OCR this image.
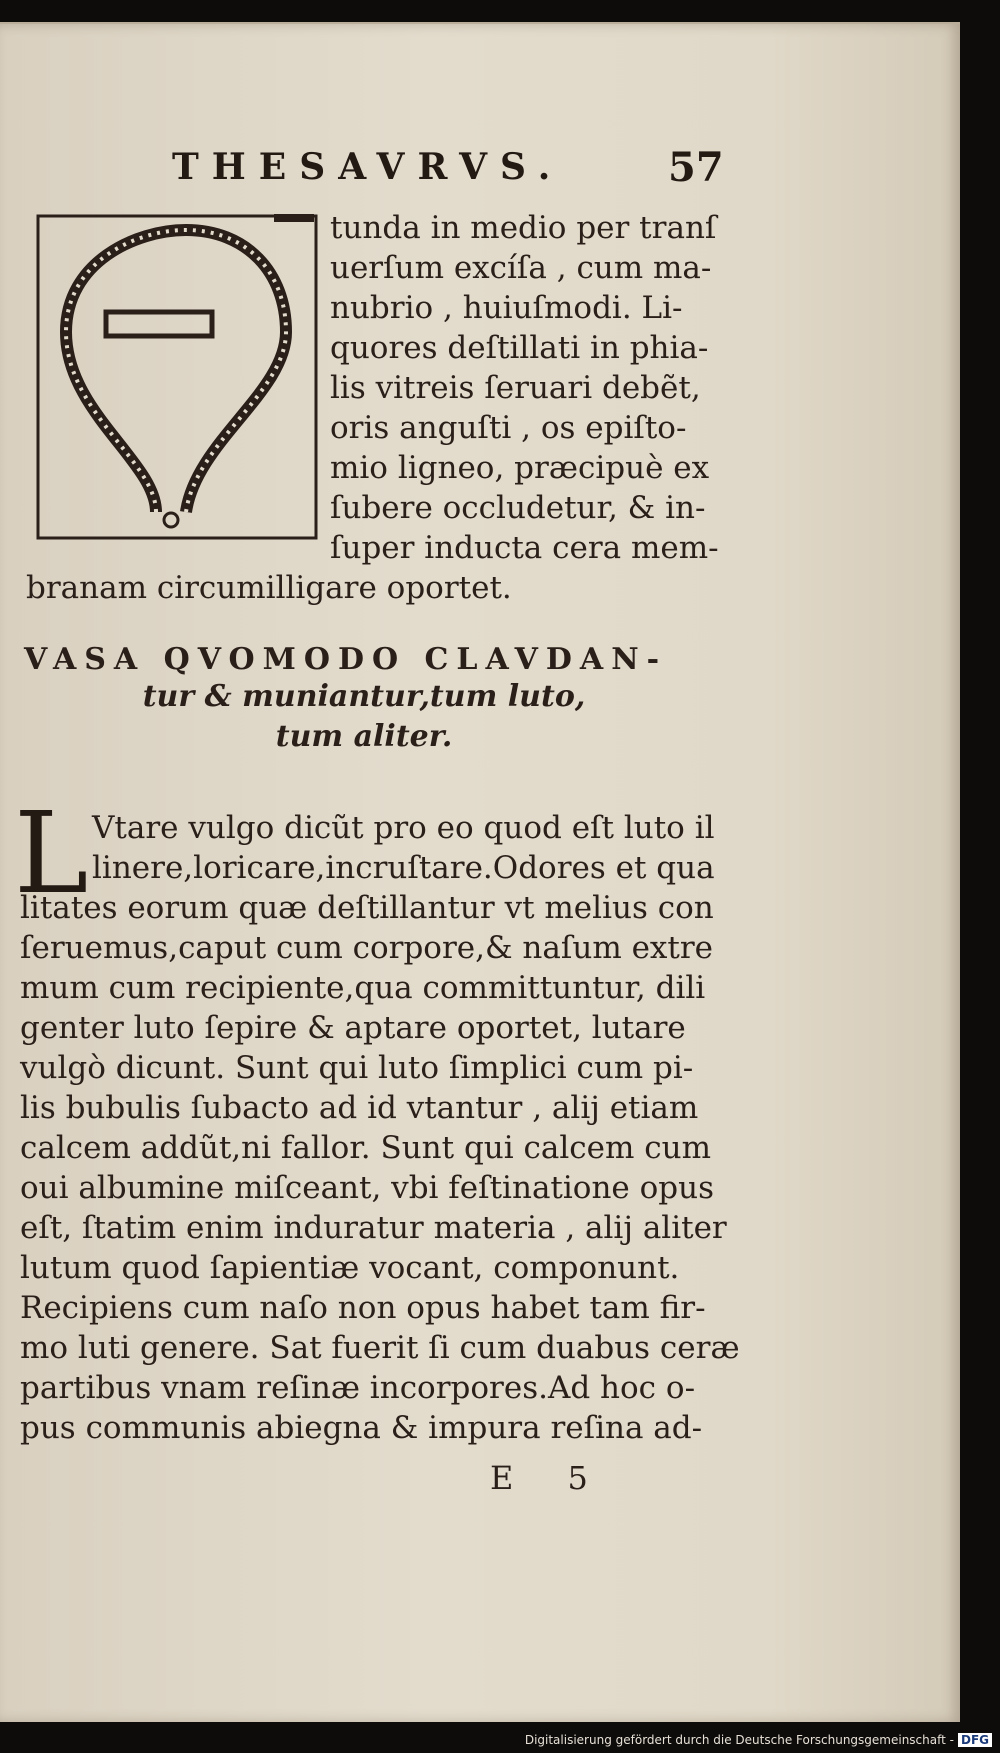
THESAVRVS.	57
tunda in medio per tranſ
uerſum excíſa , cum ma-
nubrio , huiuſmodi. Li-
quores deſtillati in phia-
lis vitreis ſeruari debẽt,
oris anguſti , os epiſto-
mio ligneo, præcipuè ex
ſubere occludetur, & in-
ſuper inducta cera mem-
branam circumilligare oportet.
VASA QVOMODO CLAVDAN-
tur & muniantur,tum luto,
tum aliter.
L Vtare vulgo dicũt pro eo quod eſt luto il
linere,loricare,incruſtare.Odores et qua
litates eorum quæ deſtillantur vt melius con
ſeruemus,caput cum corpore,& naſum extre
mum cum recipiente,qua committuntur, dili
genter luto ſepire & aptare oportet, lutare
vulgò dicunt. Sunt qui luto ſimplici cum pi-
lis bubulis ſubacto ad id vtantur , alij etiam
calcem addũt,ni fallor. Sunt qui calcem cum
oui albumine miſceant, vbi feſtinatione opus
eſt, ſtatim enim induratur materia , alij aliter
lutum quod ſapientiæ vocant, componunt.
Recipiens cum naſo non opus habet tam fir-
mo luti genere. Sat fuerit ſi cum duabus ceræ
partibus vnam reſinæ incorpores.Ad hoc o-
pus communis abiegna & impura reſina ad-
E 5
Digitalisierung gefördert durch die Deutsche Forschungsgemeinschaft - DFG
